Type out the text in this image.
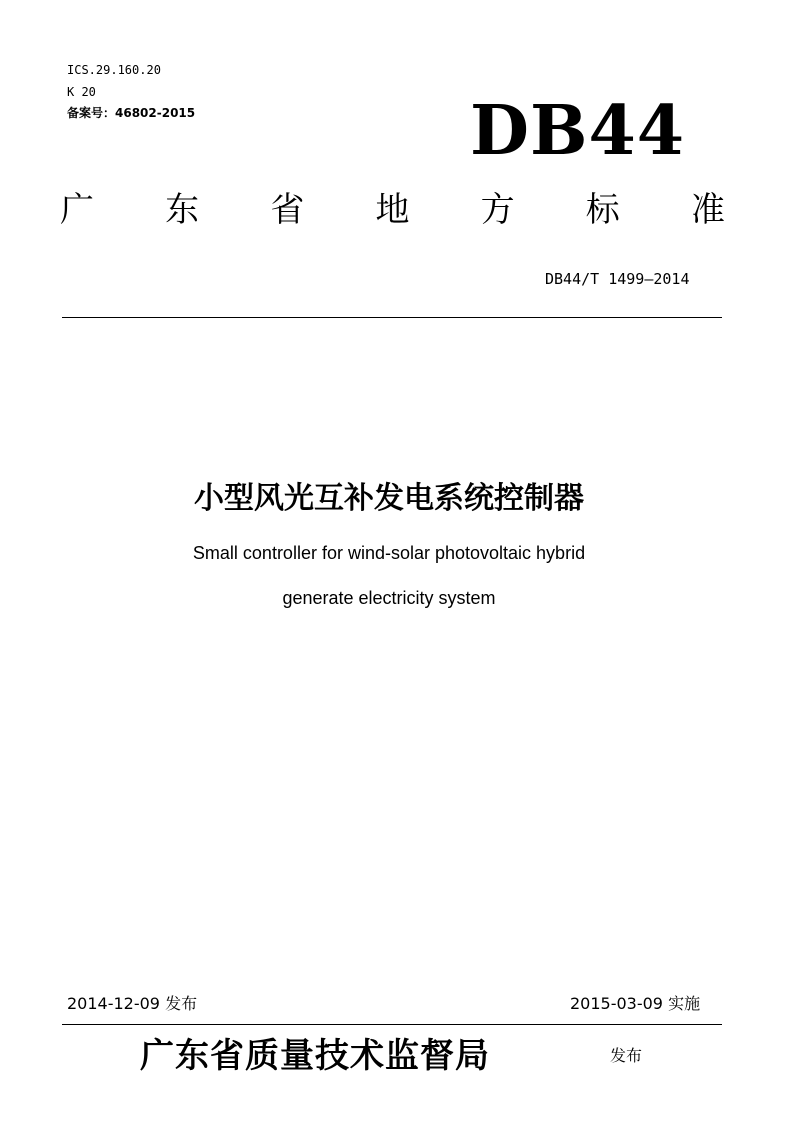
ICS.29.160.20
K 20
备案号：46802-2015	DB44
广 东 省 地 方 标 准
DB44/T 1499—2014
小型风光互补发电系统控制器
Small controller for wind-solar photovoltaic hybrid
generate electricity system
2014-12-09 发布	2015-03-09 实施
广东省质量技术监督局	发布
